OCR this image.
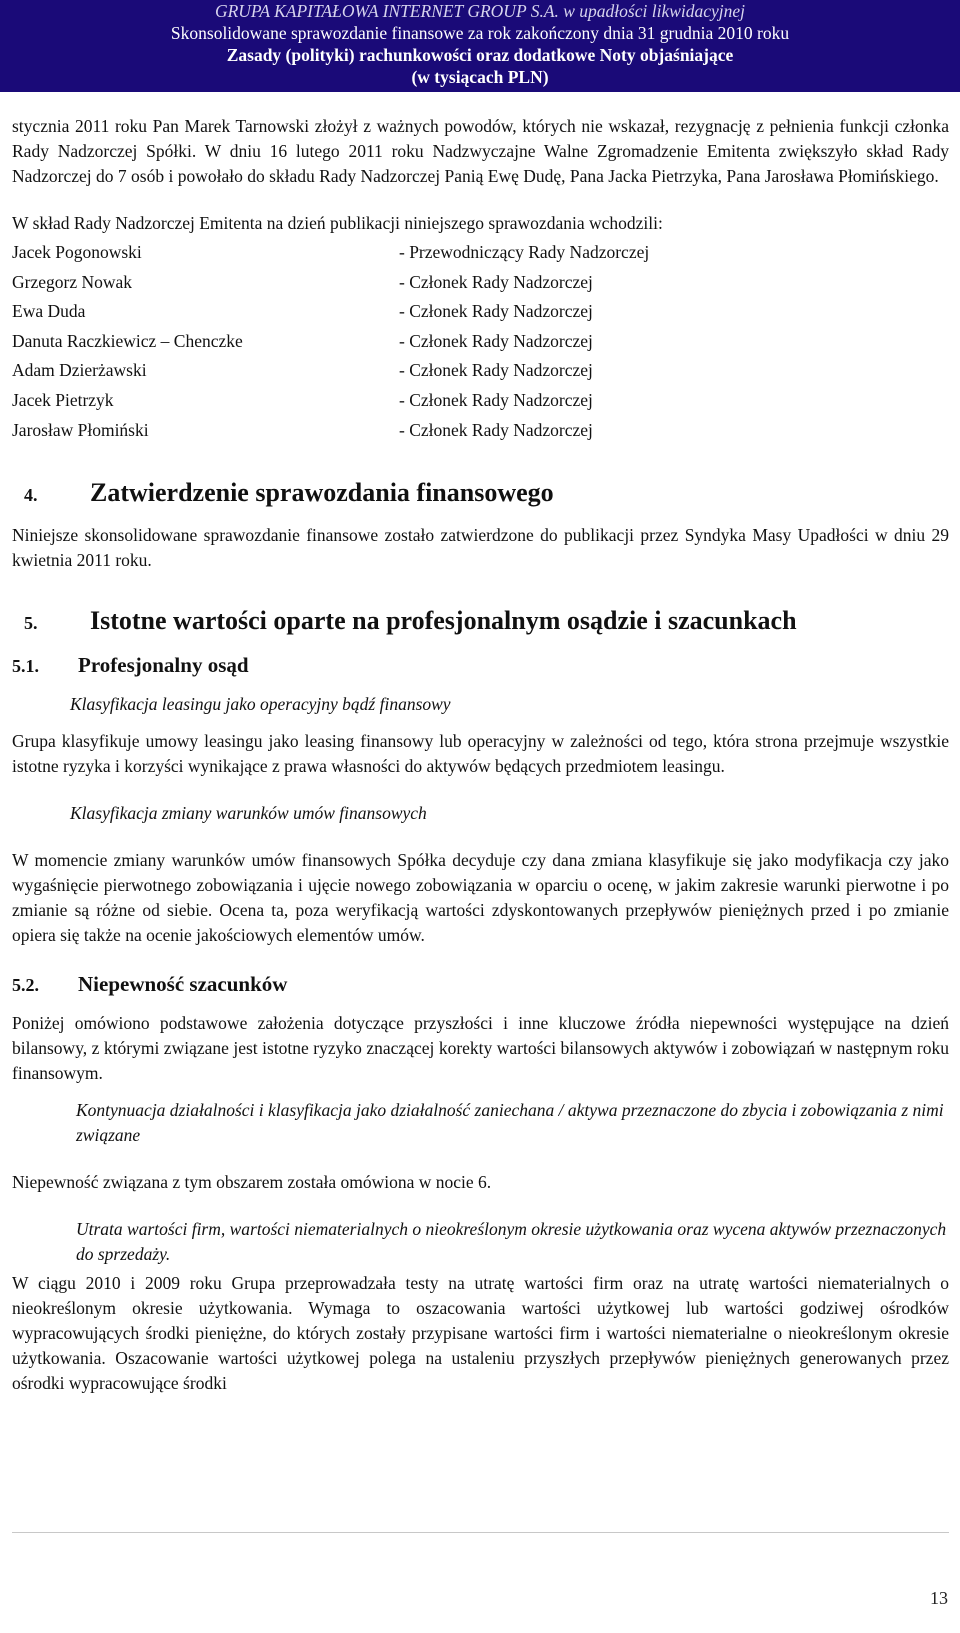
GRUPA KAPITAŁOWA INTERNET GROUP S.A. w upadłości likwidacyjnej
Skonsolidowane sprawozdanie finansowe za rok zakończony dnia 31 grudnia 2010 roku
Zasady (polityki) rachunkowości oraz dodatkowe Noty objaśniające
(w tysiącach PLN)

stycznia 2011 roku Pan Marek Tarnowski złożył z ważnych powodów, których nie wskazał, rezygnację z pełnienia funkcji członka Rady Nadzorczej Spółki. W dniu 16 lutego 2011 roku Nadzwyczajne Walne Zgromadzenie Emitenta zwiększyło skład Rady Nadzorczej do 7 osób i powołało do składu Rady Nadzorczej Panią Ewę Dudę, Pana Jacka Pietrzyka, Pana Jarosława Płomińskiego.

W skład Rady Nadzorczej Emitenta na dzień publikacji niniejszego sprawozdania wchodzili:

Jacek Pogonowski	- Przewodniczący Rady Nadzorczej
Grzegorz Nowak	- Członek Rady Nadzorczej
Ewa Duda	- Członek Rady Nadzorczej
Danuta Raczkiewicz – Chenczke	- Członek Rady Nadzorczej
Adam Dzierżawski	- Członek Rady Nadzorczej
Jacek Pietrzyk	- Członek Rady Nadzorczej
Jarosław Płomiński	- Członek Rady Nadzorczej
4.	Zatwierdzenie sprawozdania finansowego

Niniejsze skonsolidowane sprawozdanie finansowe zostało zatwierdzone do publikacji przez Syndyka Masy Upadłości w dniu 29 kwietnia 2011 roku.

5.	Istotne wartości oparte na profesjonalnym osądzie i szacunkach
5.1.	Profesjonalny osąd

Klasyfikacja leasingu jako operacyjny bądź finansowy

Grupa klasyfikuje umowy leasingu jako leasing finansowy lub operacyjny w zależności od tego, która strona przejmuje wszystkie istotne ryzyka i korzyści wynikające z prawa własności do aktywów będących przedmiotem leasingu.

Klasyfikacja zmiany warunków umów finansowych

W momencie zmiany warunków umów finansowych Spółka decyduje czy dana zmiana klasyfikuje się jako modyfikacja czy jako wygaśnięcie pierwotnego zobowiązania i ujęcie nowego zobowiązania w oparciu o ocenę, w jakim zakresie warunki pierwotne i po zmianie są różne od siebie. Ocena ta, poza weryfikacją wartości zdyskontowanych przepływów pieniężnych przed i po zmianie opiera się także na ocenie jakościowych elementów umów.

5.2.	Niepewność szacunków

Poniżej omówiono podstawowe założenia dotyczące przyszłości i inne kluczowe źródła niepewności występujące na dzień bilansowy, z którymi związane jest istotne ryzyko znaczącej korekty wartości bilansowych aktywów i zobowiązań w następnym roku finansowym.

Kontynuacja działalności i klasyfikacja jako działalność zaniechana / aktywa przeznaczone do zbycia i zobowiązania z nimi związane

Niepewność związana z tym obszarem została omówiona w nocie 6.

Utrata wartości firm, wartości niematerialnych o nieokreślonym okresie użytkowania oraz wycena aktywów przeznaczonych do sprzedaży.

W ciągu 2010 i 2009 roku Grupa przeprowadzała testy na utratę wartości firm oraz na utratę wartości niematerialnych o nieokreślonym okresie użytkowania. Wymaga to oszacowania wartości użytkowej lub wartości godziwej ośrodków wypracowujących środki pieniężne, do których zostały przypisane wartości firm i wartości niematerialne o nieokreślonym okresie użytkowania. Oszacowanie wartości użytkowej polega na ustaleniu przyszłych przepływów pieniężnych generowanych przez ośrodki wypracowujące środki

13
